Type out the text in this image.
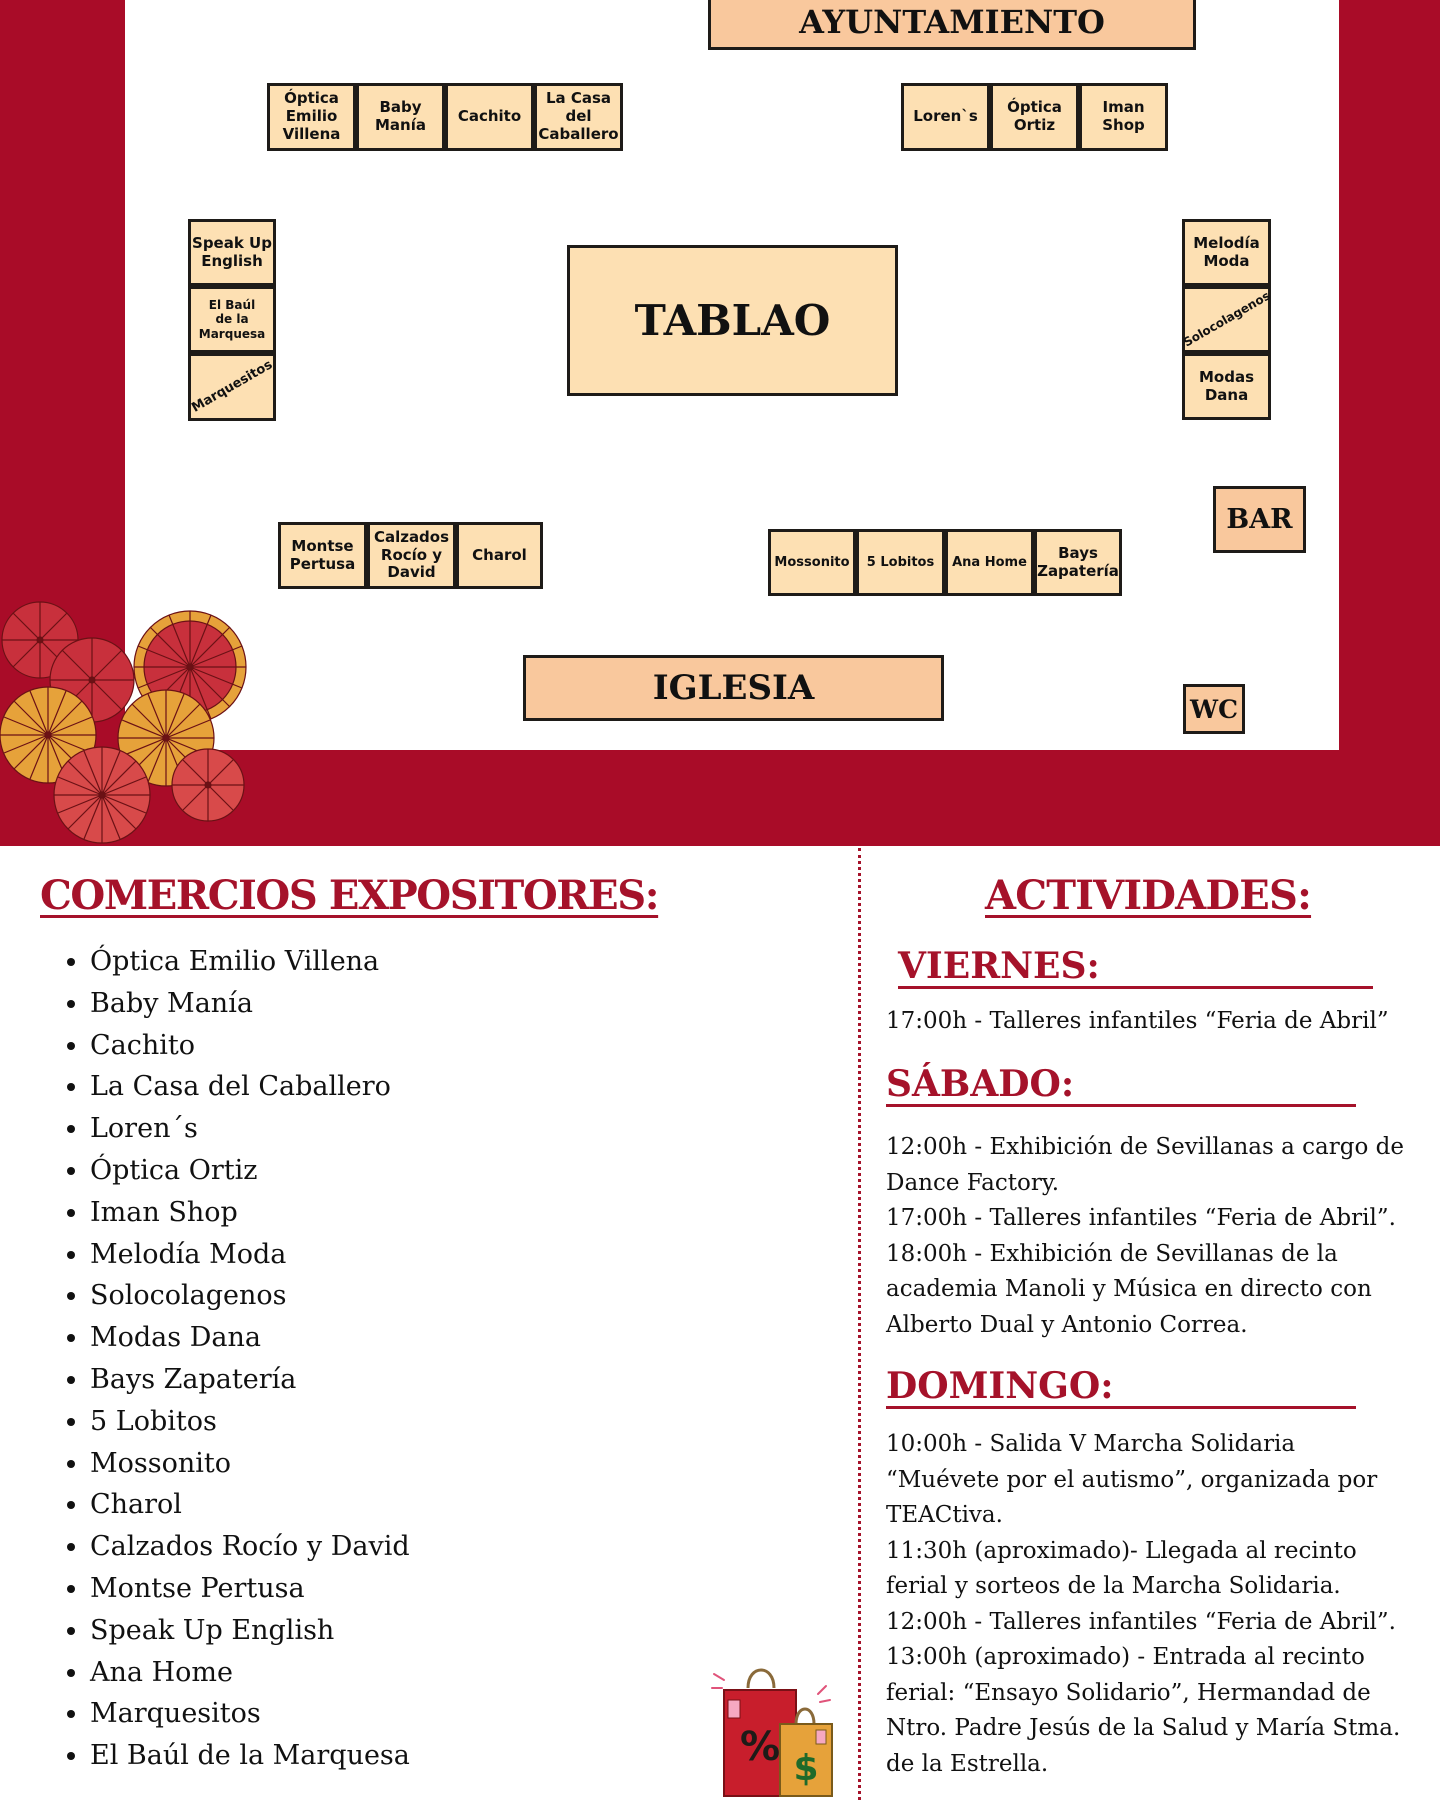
AYUNTAMIENTO
Óptica
Emilio
Villena
Baby
Manía	Cachito
La Casa
del
Caballero
Loren`s	Óptica
Ortiz
Iman
Shop
Speak Up
English
El Baúl
de la
Marquesa
Marquesitos
TABLAO
Melodía
Moda
Solocolagenos
Modas
Dana
BAR
Montse
Pertusa
Calzados
Rocío y
David
Charol	Mossonito	5 Lobitos	Ana Home
Bays
Zapatería
IGLESIA
WC
COMERCIOS EXPOSITORES:
• Óptica Emilio Villena
• Baby Manía
• Cachito
• La Casa del Caballero
• Loren´s
• Óptica Ortiz
• Iman Shop
• Melodía Moda
• Solocolagenos
• Modas Dana
• Bays Zapatería
• 5 Lobitos
• Mossonito
• Charol
• Calzados Rocío y David
• Montse Pertusa
• Speak Up English
• Ana Home
• Marquesitos
• El Baúl de la Marquesa	% $
ACTIVIDADES:
VIERNES:

17:00h - Talleres infantiles “Feria de Abril”

SÁBADO:

12:00h - Exhibición de Sevillanas a cargo de Dance Factory.

17:00h - Talleres infantiles “Feria de Abril”.

18:00h - Exhibición de Sevillanas de la academia Manoli y Música en directo con Alberto Dual y Antonio Correa.

DOMINGO:

10:00h - Salida V Marcha Solidaria “Muévete por el autismo”, organizada por TEACtiva.

11:30h (aproximado)- Llegada al recinto ferial y sorteos de la Marcha Solidaria.

12:00h - Talleres infantiles “Feria de Abril”.

13:00h (aproximado) - Entrada al recinto ferial: “Ensayo Solidario”, Hermandad de Ntro. Padre Jesús de la Salud y María Stma. de la Estrella.
